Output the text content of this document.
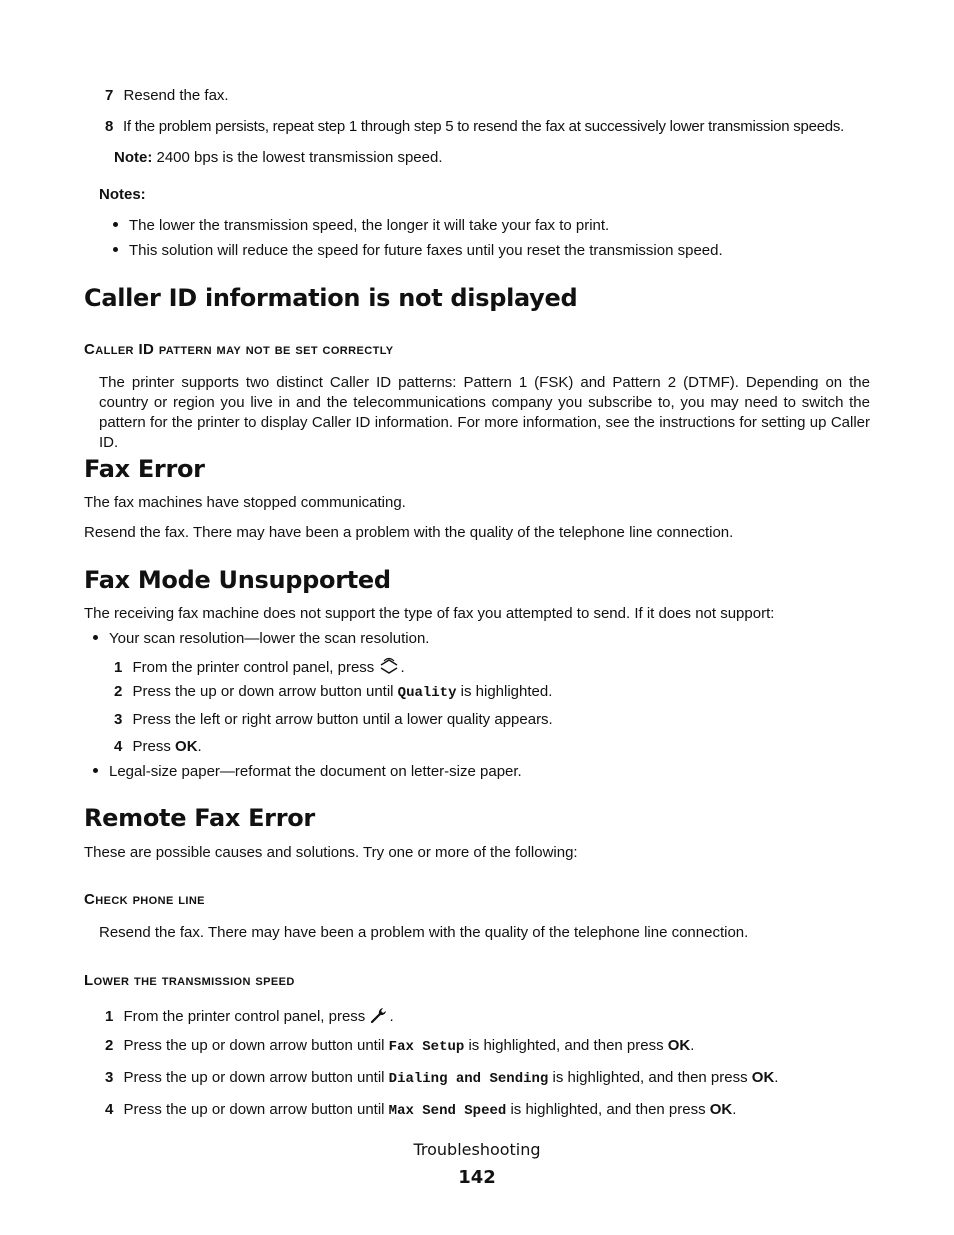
7 Resend the fax.
8 If the problem persists, repeat step 1 through step 5 to resend the fax at successively lower transmission speeds.
Note: 2400 bps is the lowest transmission speed.
Notes:
The lower the transmission speed, the longer it will take your fax to print.
This solution will reduce the speed for future faxes until you reset the transmission speed.
Caller ID information is not displayed
Caller ID pattern may not be set correctly
The printer supports two distinct Caller ID patterns: Pattern 1 (FSK) and Pattern 2 (DTMF). Depending on the country or region you live in and the telecommunications company you subscribe to, you may need to switch the pattern for the printer to display Caller ID information. For more information, see the instructions for setting up Caller ID.
Fax Error
The fax machines have stopped communicating.
Resend the fax. There may have been a problem with the quality of the telephone line connection.
Fax Mode Unsupported
The receiving fax machine does not support the type of fax you attempted to send. If it does not support:
Your scan resolution—lower the scan resolution.
1 From the printer control panel, press .
2 Press the up or down arrow button until Quality is highlighted.
3 Press the left or right arrow button until a lower quality appears.
4 Press OK.
Legal-size paper—reformat the document on letter-size paper.
Remote Fax Error
These are possible causes and solutions. Try one or more of the following:
Check phone line
Resend the fax. There may have been a problem with the quality of the telephone line connection.
Lower the transmission speed
1 From the printer control panel, press .
2 Press the up or down arrow button until Fax Setup is highlighted, and then press OK.
3 Press the up or down arrow button until Dialing and Sending is highlighted, and then press OK.
4 Press the up or down arrow button until Max Send Speed is highlighted, and then press OK.
Troubleshooting
142
